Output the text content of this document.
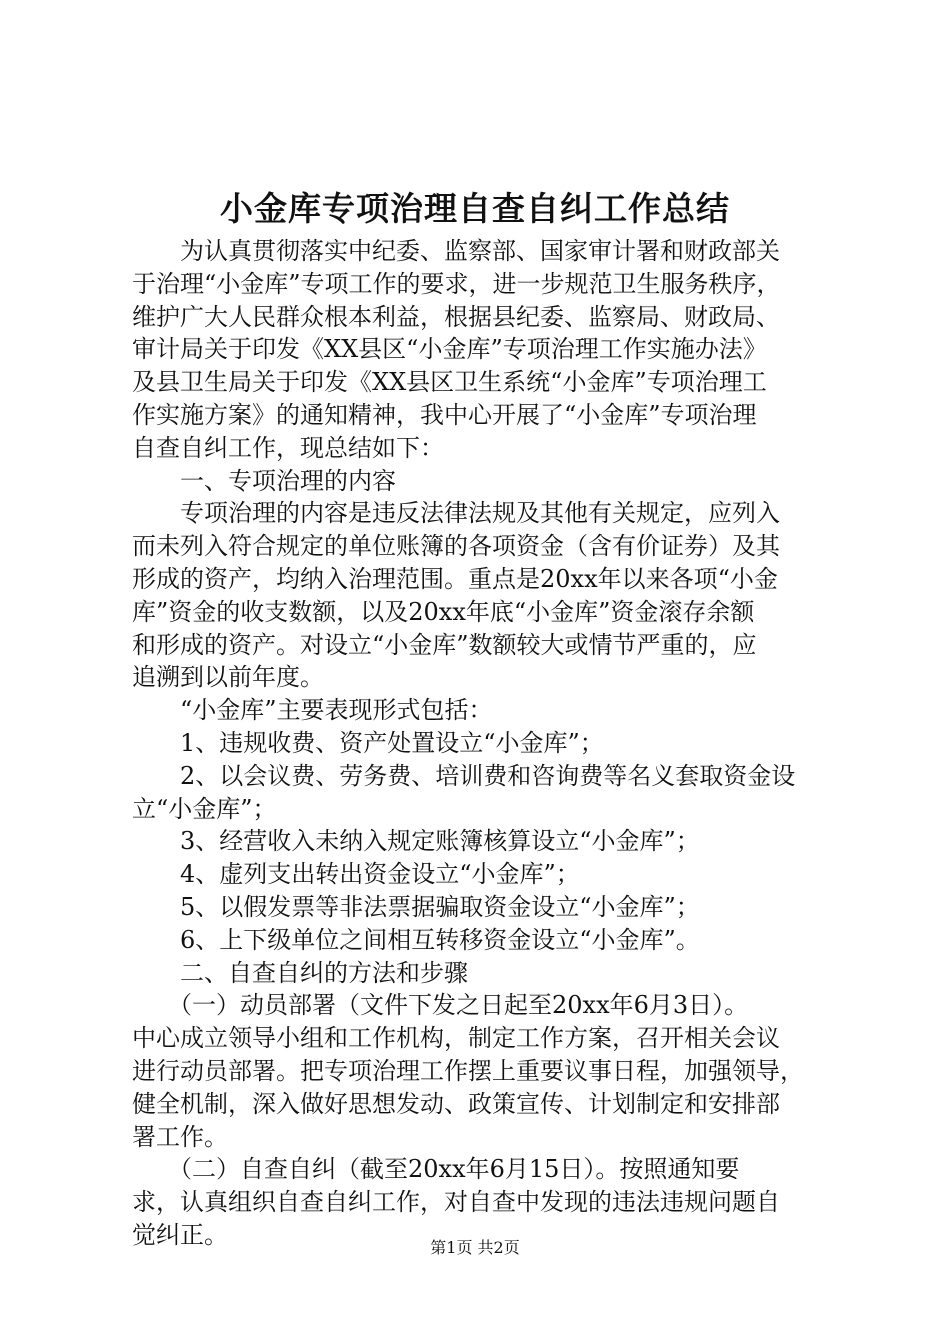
小金库专项治理自查自纠工作总结
　　为认真贯彻落实中纪委、监察部、国家审计署和财政部关
于治理“小金库”专项工作的要求，进一步规范卫生服务秩序，
维护广大人民群众根本利益，根据县纪委、监察局、财政局、
审计局关于印发《XX县区“小金库”专项治理工作实施办法》
及县卫生局关于印发《XX县区卫生系统“小金库”专项治理工
作实施方案》的通知精神，我中心开展了“小金库”专项治理
自查自纠工作，现总结如下：
　　一、专项治理的内容
　　专项治理的内容是违反法律法规及其他有关规定，应列入
而未列入符合规定的单位账簿的各项资金（含有价证券）及其
形成的资产，均纳入治理范围。重点是20xx年以来各项“小金
库”资金的收支数额，以及20xx年底“小金库”资金滚存余额
和形成的资产。对设立“小金库”数额较大或情节严重的，应
追溯到以前年度。
　　“小金库”主要表现形式包括：
　　1、违规收费、资产处置设立“小金库”；
　　2、以会议费、劳务费、培训费和咨询费等名义套取资金设
立“小金库”；
　　3、经营收入未纳入规定账簿核算设立“小金库”；
　　4、虚列支出转出资金设立“小金库”；
　　5、以假发票等非法票据骗取资金设立“小金库”；
　　6、上下级单位之间相互转移资金设立“小金库”。
　　二、自查自纠的方法和步骤
　　（一）动员部署（文件下发之日起至20xx年6月3日）。
中心成立领导小组和工作机构，制定工作方案，召开相关会议
进行动员部署。把专项治理工作摆上重要议事日程，加强领导，
健全机制，深入做好思想发动、政策宣传、计划制定和安排部
署工作。
　　（二）自查自纠（截至20xx年6月15日）。按照通知要
求，认真组织自查自纠工作，对自查中发现的违法违规问题自
觉纠正。	第1页 共2页
